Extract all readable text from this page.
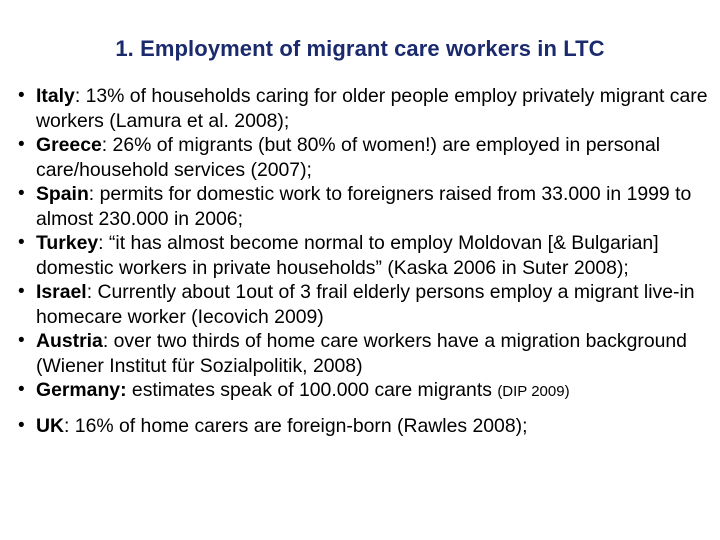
1. Employment of migrant care workers in LTC
• Italy: 13% of households caring for older people employ privately migrant care workers (Lamura et al. 2008);
• Greece: 26% of migrants (but 80% of women!) are employed in personal care/household services (2007);
• Spain: permits for domestic work to foreigners raised from 33.000 in 1999 to almost 230.000 in 2006;
• Turkey: “it has almost become normal to employ Moldovan [& Bulgarian] domestic workers in private households” (Kaska 2006 in Suter 2008);
• Israel: Currently about 1out of 3 frail elderly persons employ a migrant live-in homecare worker (Iecovich 2009)
• Austria: over two thirds of home care workers have a migration background (Wiener Institut für Sozialpolitik, 2008)
• Germany: estimates speak of 100.000 care migrants (DIP 2009)
• UK: 16% of home carers are foreign-born (Rawles 2008);
